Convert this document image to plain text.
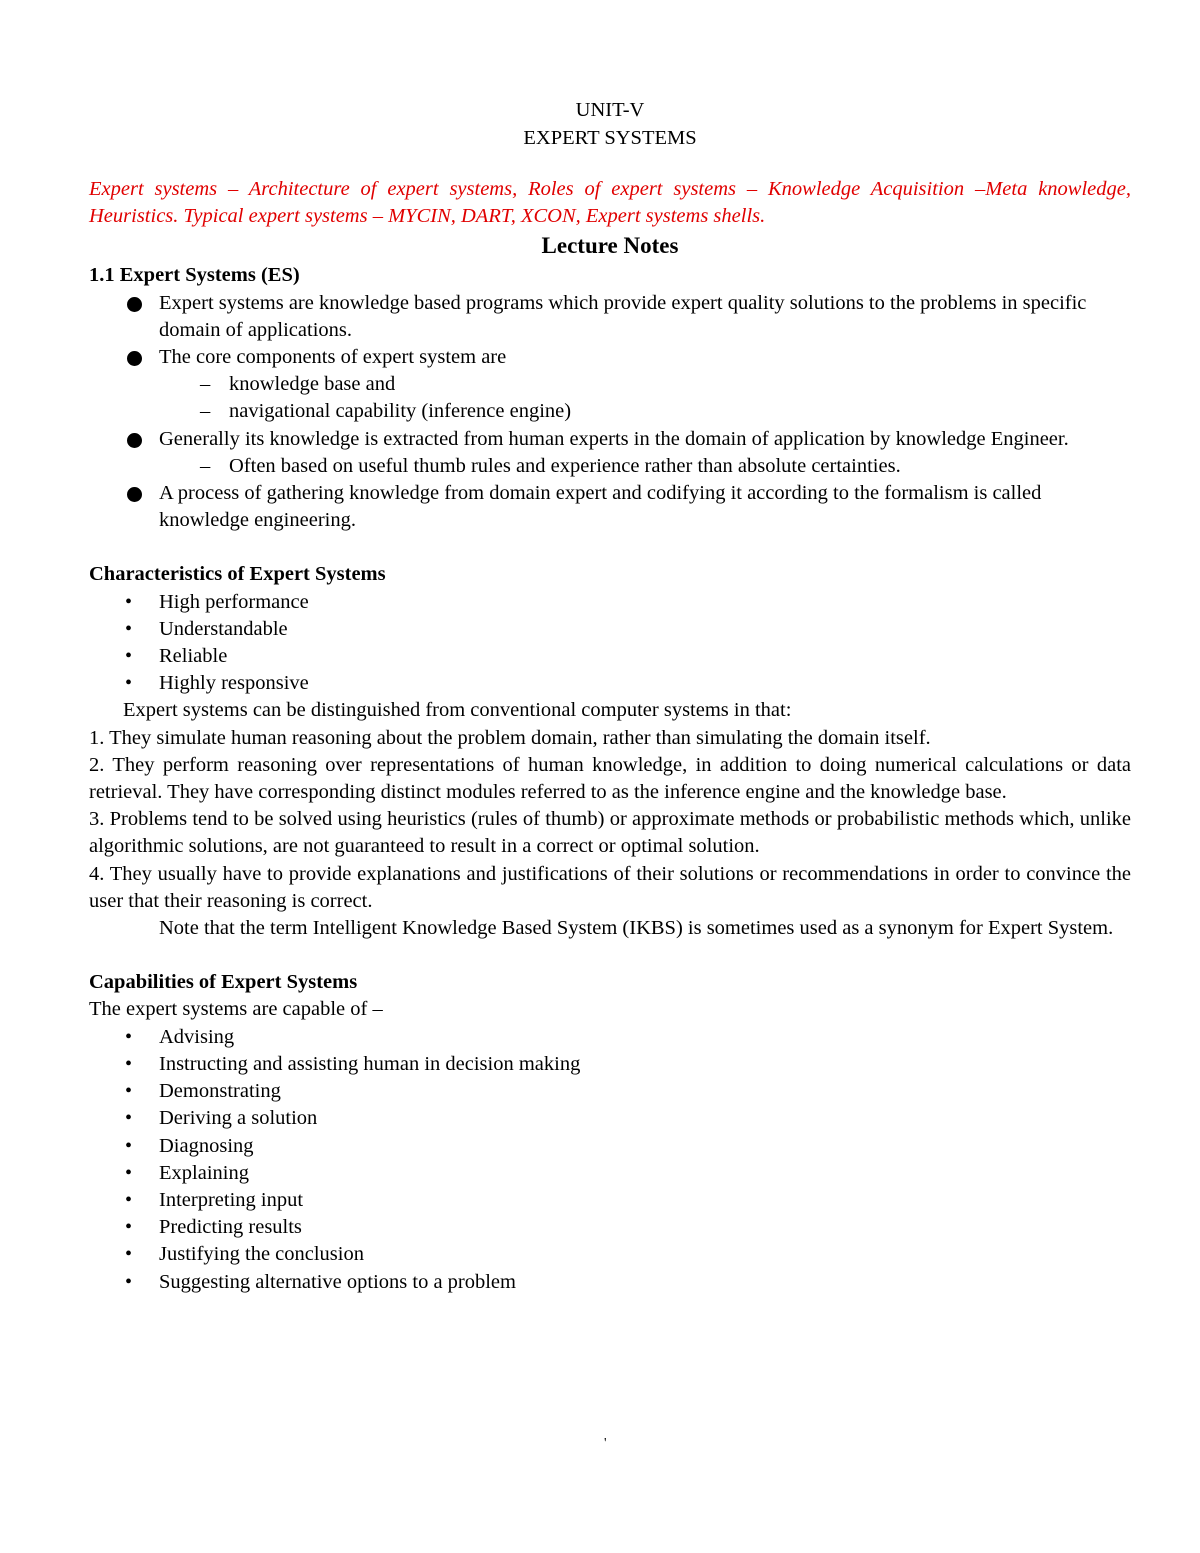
UNIT-V
EXPERT SYSTEMS

Expert systems – Architecture of expert systems, Roles of expert systems – Knowledge Acquisition –Meta knowledge, Heuristics. Typical expert systems – MYCIN, DART, XCON, Expert systems shells.

Lecture Notes
1.1 Expert Systems (ES)
Expert systems are knowledge based programs which provide expert quality solutions to the problems in specific domain of applications.
The core components of expert system are
– knowledge base and
– navigational capability (inference engine)
Generally its knowledge is extracted from human experts in the domain of application by knowledge Engineer.
– Often based on useful thumb rules and experience rather than absolute certainties.
A process of gathering knowledge from domain expert and codifying it according to the formalism is called knowledge engineering.
Characteristics of Expert Systems
• High performance
• Understandable
• Reliable
• Highly responsive

Expert systems can be distinguished from conventional computer systems in that:

1. They simulate human reasoning about the problem domain, rather than simulating the domain itself.

2. They perform reasoning over representations of human knowledge, in addition to doing numerical calculations or data retrieval. They have corresponding distinct modules referred to as the inference engine and the knowledge base.

3. Problems tend to be solved using heuristics (rules of thumb) or approximate methods or probabilistic methods which, unlike algorithmic solutions, are not guaranteed to result in a correct or optimal solution.

4. They usually have to provide explanations and justifications of their solutions or recommendations in order to convince the user that their reasoning is correct.

Note that the term Intelligent Knowledge Based System (IKBS) is sometimes used as a synonym for Expert System.

Capabilities of Expert Systems

The expert systems are capable of –

• Advising
• Instructing and assisting human in decision making
• Demonstrating
• Deriving a solution
• Diagnosing
• Explaining
• Interpreting input
• Predicting results
• Justifying the conclusion
• Suggesting alternative options to a problem
'
